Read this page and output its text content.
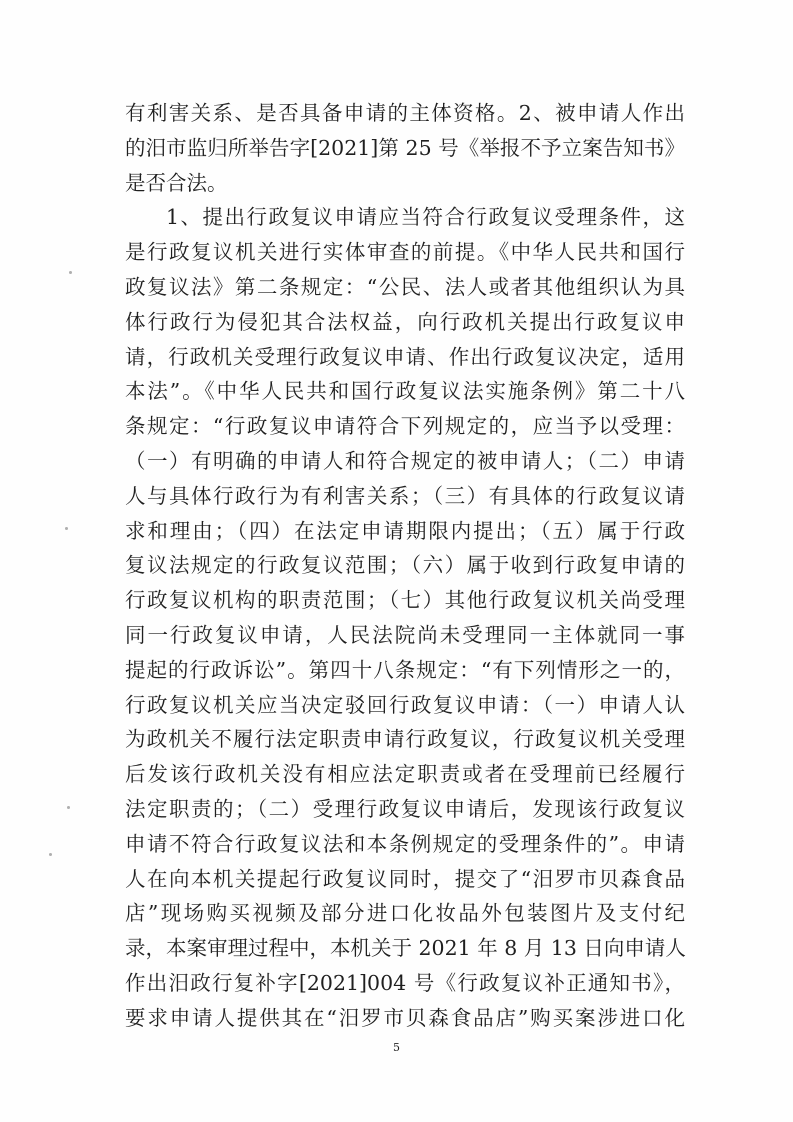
有利害关系、是否具备申请的主体资格。2、被申请人作出
的汨市监归所举告字[2021]第 25 号《举报不予立案告知书》
是否合法。
1、提出行政复议申请应当符合行政复议受理条件，这
是行政复议机关进行实体审查的前提。《中华人民共和国行
政复议法》第二条规定：“公民、法人或者其他组织认为具
体行政行为侵犯其合法权益，向行政机关提出行政复议申
请，行政机关受理行政复议申请、作出行政复议决定，适用
本法”。《中华人民共和国行政复议法实施条例》第二十八
条规定：“行政复议申请符合下列规定的，应当予以受理：
（一）有明确的申请人和符合规定的被申请人；（二）申请
人与具体行政行为有利害关系；（三）有具体的行政复议请
求和理由；（四）在法定申请期限内提出；（五）属于行政
复议法规定的行政复议范围；（六）属于收到行政复申请的
行政复议机构的职责范围；（七）其他行政复议机关尚受理
同一行政复议申请，人民法院尚未受理同一主体就同一事
提起的行政诉讼”。第四十八条规定：“有下列情形之一的，
行政复议机关应当决定驳回行政复议申请：（一）申请人认
为政机关不履行法定职责申请行政复议，行政复议机关受理
后发该行政机关没有相应法定职责或者在受理前已经履行
法定职责的；（二）受理行政复议申请后，发现该行政复议
申请不符合行政复议法和本条例规定的受理条件的”。申请
人在向本机关提起行政复议同时，提交了“汨罗市贝森食品
店”现场购买视频及部分进口化妆品外包装图片及支付纪
录，本案审理过程中，本机关于 2021 年 8 月 13 日向申请人
作出汨政行复补字[2021]004 号《行政复议补正通知书》，
要求申请人提供其在“汨罗市贝森食品店”购买案涉进口化
5
